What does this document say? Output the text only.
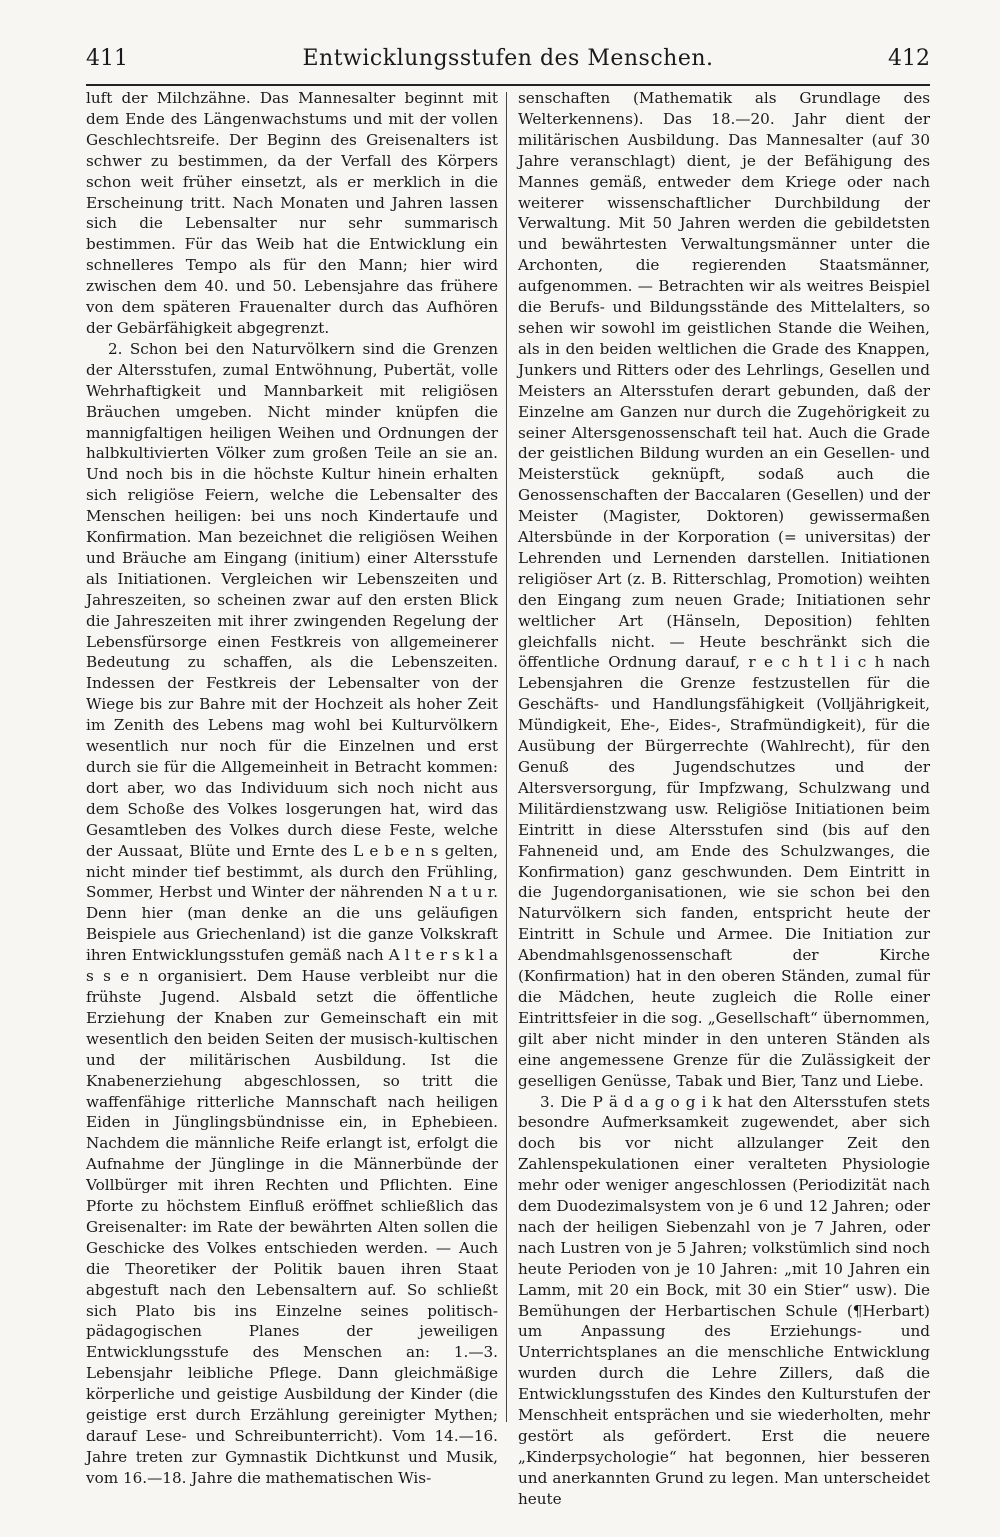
411	Entwicklungsstufen des Menschen.	412

luft der Milchzähne. Das Mannesalter beginnt mit dem Ende des Längenwachstums und mit der vollen Geschlechtsreife. Der Beginn des Greisenalters ist schwer zu bestimmen, da der Verfall des Körpers schon weit früher einsetzt, als er merklich in die Erscheinung tritt. Nach Monaten und Jahren lassen sich die Lebensalter nur sehr summarisch bestimmen. Für das Weib hat die Entwicklung ein schnelleres Tempo als für den Mann; hier wird zwischen dem 40. und 50. Lebensjahre das frühere von dem späteren Frauenalter durch das Aufhören der Gebärfähigkeit abgegrenzt.

2. Schon bei den Naturvölkern sind die Grenzen der Altersstufen, zumal Entwöhnung, Pubertät, volle Wehrhaftigkeit und Mannbarkeit mit religiösen Bräuchen umgeben. Nicht minder knüpfen die mannigfaltigen heiligen Weihen und Ordnungen der halbkultivierten Völker zum großen Teile an sie an. Und noch bis in die höchste Kultur hinein erhalten sich religiöse Feiern, welche die Lebensalter des Menschen heiligen: bei uns noch Kindertaufe und Konfirmation. Man bezeichnet die religiösen Weihen und Bräuche am Eingang (initium) einer Altersstufe als Initiationen. Vergleichen wir Lebenszeiten und Jahreszeiten, so scheinen zwar auf den ersten Blick die Jahreszeiten mit ihrer zwingenden Regelung der Lebensfürsorge einen Festkreis von allgemeinerer Bedeutung zu schaffen, als die Lebenszeiten. Indessen der Festkreis der Lebensalter von der Wiege bis zur Bahre mit der Hochzeit als hoher Zeit im Zenith des Lebens mag wohl bei Kulturvölkern wesentlich nur noch für die Einzelnen und erst durch sie für die Allgemeinheit in Betracht kommen: dort aber, wo das Individuum sich noch nicht aus dem Schoße des Volkes losgerungen hat, wird das Gesamtleben des Volkes durch diese Feste, welche der Aussaat, Blüte und Ernte des L e b e n s gelten, nicht minder tief bestimmt, als durch den Frühling, Sommer, Herbst und Winter der nährenden N a t u r. Denn hier (man denke an die uns geläufigen Beispiele aus Griechenland) ist die ganze Volkskraft ihren Entwicklungsstufen gemäß nach A l t e r s k l a s s e n organisiert. Dem Hause verbleibt nur die frühste Jugend. Alsbald setzt die öffentliche Erziehung der Knaben zur Gemeinschaft ein mit wesentlich den beiden Seiten der musisch-kultischen und der militärischen Ausbildung. Ist die Knabenerziehung abgeschlossen, so tritt die waffenfähige ritterliche Mannschaft nach heiligen Eiden in Jünglingsbündnisse ein, in Ephebieen. Nachdem die männliche Reife erlangt ist, erfolgt die Aufnahme der Jünglinge in die Männerbünde der Vollbürger mit ihren Rechten und Pflichten. Eine Pforte zu höchstem Einfluß eröffnet schließlich das Greisenalter: im Rate der bewährten Alten sollen die Geschicke des Volkes entschieden werden. — Auch die Theoretiker der Politik bauen ihren Staat abgestuft nach den Lebensaltern auf. So schließt sich Plato bis ins Einzelne seines politisch-pädagogischen Planes der jeweiligen Entwicklungsstufe des Menschen an: 1.—3. Lebensjahr leibliche Pflege. Dann gleichmäßige körperliche und geistige Ausbildung der Kinder (die geistige erst durch Erzählung gereinigter Mythen; darauf Lese- und Schreibunterricht). Vom 14.—16. Jahre treten zur Gymnastik Dichtkunst und Musik, vom 16.—18. Jahre die mathematischen Wis-

senschaften (Mathematik als Grundlage des Welterkennens). Das 18.—20. Jahr dient der militärischen Ausbildung. Das Mannesalter (auf 30 Jahre veranschlagt) dient, je der Befähigung des Mannes gemäß, entweder dem Kriege oder nach weiterer wissenschaftlicher Durchbildung der Verwaltung. Mit 50 Jahren werden die gebildetsten und bewährtesten Verwaltungsmänner unter die Archonten, die regierenden Staatsmänner, aufgenommen. — Betrachten wir als weitres Beispiel die Berufs- und Bildungsstände des Mittelalters, so sehen wir sowohl im geistlichen Stande die Weihen, als in den beiden weltlichen die Grade des Knappen, Junkers und Ritters oder des Lehrlings, Gesellen und Meisters an Altersstufen derart gebunden, daß der Einzelne am Ganzen nur durch die Zugehörigkeit zu seiner Altersgenossenschaft teil hat. Auch die Grade der geistlichen Bildung wurden an ein Gesellen- und Meisterstück geknüpft, sodaß auch die Genossenschaften der Baccalaren (Gesellen) und der Meister (Magister, Doktoren) gewissermaßen Altersbünde in der Korporation (= universitas) der Lehrenden und Lernenden darstellen. Initiationen religiöser Art (z. B. Ritterschlag, Promotion) weihten den Eingang zum neuen Grade; Initiationen sehr weltlicher Art (Hänseln, Deposition) fehlten gleichfalls nicht. — Heute beschränkt sich die öffentliche Ordnung darauf, r e c h t l i c h nach Lebensjahren die Grenze festzustellen für die Geschäfts- und Handlungsfähigkeit (Volljährigkeit, Mündigkeit, Ehe-, Eides-, Strafmündigkeit), für die Ausübung der Bürgerrechte (Wahlrecht), für den Genuß des Jugendschutzes und der Altersversorgung, für Impfzwang, Schulzwang und Militärdienstzwang usw. Religiöse Initiationen beim Eintritt in diese Altersstufen sind (bis auf den Fahneneid und, am Ende des Schulzwanges, die Konfirmation) ganz geschwunden. Dem Eintritt in die Jugendorganisationen, wie sie schon bei den Naturvölkern sich fanden, entspricht heute der Eintritt in Schule und Armee. Die Initiation zur Abendmahlsgenossenschaft der Kirche (Konfirmation) hat in den oberen Ständen, zumal für die Mädchen, heute zugleich die Rolle einer Eintrittsfeier in die sog. „Gesellschaft“ übernommen, gilt aber nicht minder in den unteren Ständen als eine angemessene Grenze für die Zulässigkeit der geselligen Genüsse, Tabak und Bier, Tanz und Liebe.

3. Die P ä d a g o g i k hat den Altersstufen stets besondre Aufmerksamkeit zugewendet, aber sich doch bis vor nicht allzulanger Zeit den Zahlenspekulationen einer veralteten Physiologie mehr oder weniger angeschlossen (Periodizität nach dem Duodezimalsystem von je 6 und 12 Jahren; oder nach der heiligen Siebenzahl von je 7 Jahren, oder nach Lustren von je 5 Jahren; volkstümlich sind noch heute Perioden von je 10 Jahren: „mit 10 Jahren ein Lamm, mit 20 ein Bock, mit 30 ein Stier“ usw). Die Bemühungen der Herbartischen Schule (¶Herbart) um Anpassung des Erziehungs- und Unterrichtsplanes an die menschliche Entwicklung wurden durch die Lehre Zillers, daß die Entwicklungsstufen des Kindes den Kulturstufen der Menschheit entsprächen und sie wiederholten, mehr gestört als gefördert. Erst die neuere „Kinderpsychologie“ hat begonnen, hier besseren und anerkannten Grund zu legen. Man unterscheidet heute
